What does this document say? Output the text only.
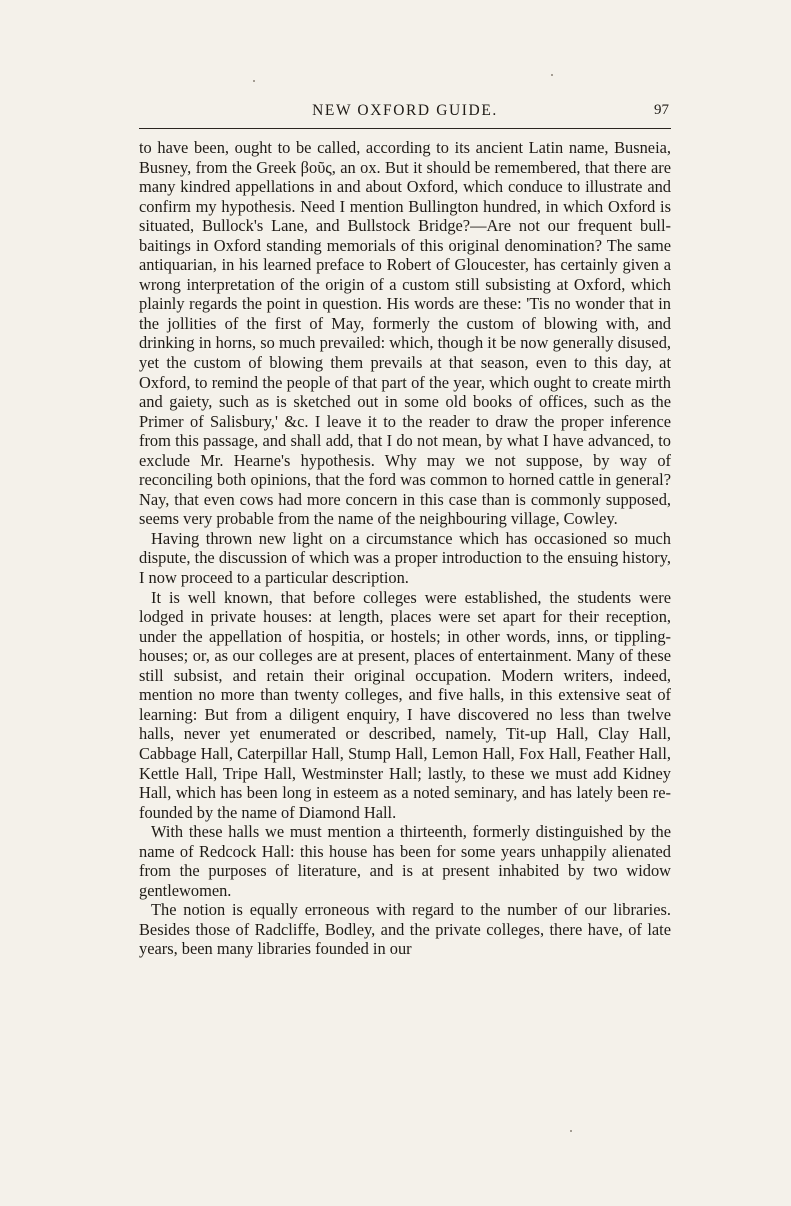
NEW OXFORD GUIDE.	97

to have been, ought to be called, according to its ancient Latin name, Busneia, Busney, from the Greek βοῦς, an ox. But it should be remembered, that there are many kindred appellations in and about Oxford, which conduce to illustrate and confirm my hypothesis. Need I mention Bullington hundred, in which Oxford is situated, Bullock's Lane, and Bullstock Bridge?—Are not our frequent bull-baitings in Oxford standing memorials of this original denomination? The same antiquarian, in his learned preface to Robert of Gloucester, has certainly given a wrong interpretation of the origin of a custom still subsisting at Oxford, which plainly regards the point in question. His words are these: 'Tis no wonder that in the jollities of the first of May, formerly the custom of blowing with, and drinking in horns, so much prevailed: which, though it be now generally disused, yet the custom of blowing them prevails at that season, even to this day, at Oxford, to remind the people of that part of the year, which ought to create mirth and gaiety, such as is sketched out in some old books of offices, such as the Primer of Salisbury,' &c. I leave it to the reader to draw the proper inference from this passage, and shall add, that I do not mean, by what I have advanced, to exclude Mr. Hearne's hypothesis. Why may we not suppose, by way of reconciling both opinions, that the ford was common to horned cattle in general? Nay, that even cows had more concern in this case than is commonly supposed, seems very probable from the name of the neighbouring village, Cowley.

Having thrown new light on a circumstance which has occasioned so much dispute, the discussion of which was a proper introduction to the ensuing history, I now proceed to a particular description.

It is well known, that before colleges were established, the students were lodged in private houses: at length, places were set apart for their reception, under the appellation of hospitia, or hostels; in other words, inns, or tippling-houses; or, as our colleges are at present, places of entertainment. Many of these still subsist, and retain their original occupation. Modern writers, indeed, mention no more than twenty colleges, and five halls, in this extensive seat of learning: But from a diligent enquiry, I have discovered no less than twelve halls, never yet enumerated or described, namely, Tit-up Hall, Clay Hall, Cabbage Hall, Caterpillar Hall, Stump Hall, Lemon Hall, Fox Hall, Feather Hall, Kettle Hall, Tripe Hall, Westminster Hall; lastly, to these we must add Kidney Hall, which has been long in esteem as a noted seminary, and has lately been re-founded by the name of Diamond Hall.

With these halls we must mention a thirteenth, formerly distinguished by the name of Redcock Hall: this house has been for some years unhappily alienated from the purposes of literature, and is at present inhabited by two widow gentlewomen.

The notion is equally erroneous with regard to the number of our libraries. Besides those of Radcliffe, Bodley, and the private colleges, there have, of late years, been many libraries founded in our
